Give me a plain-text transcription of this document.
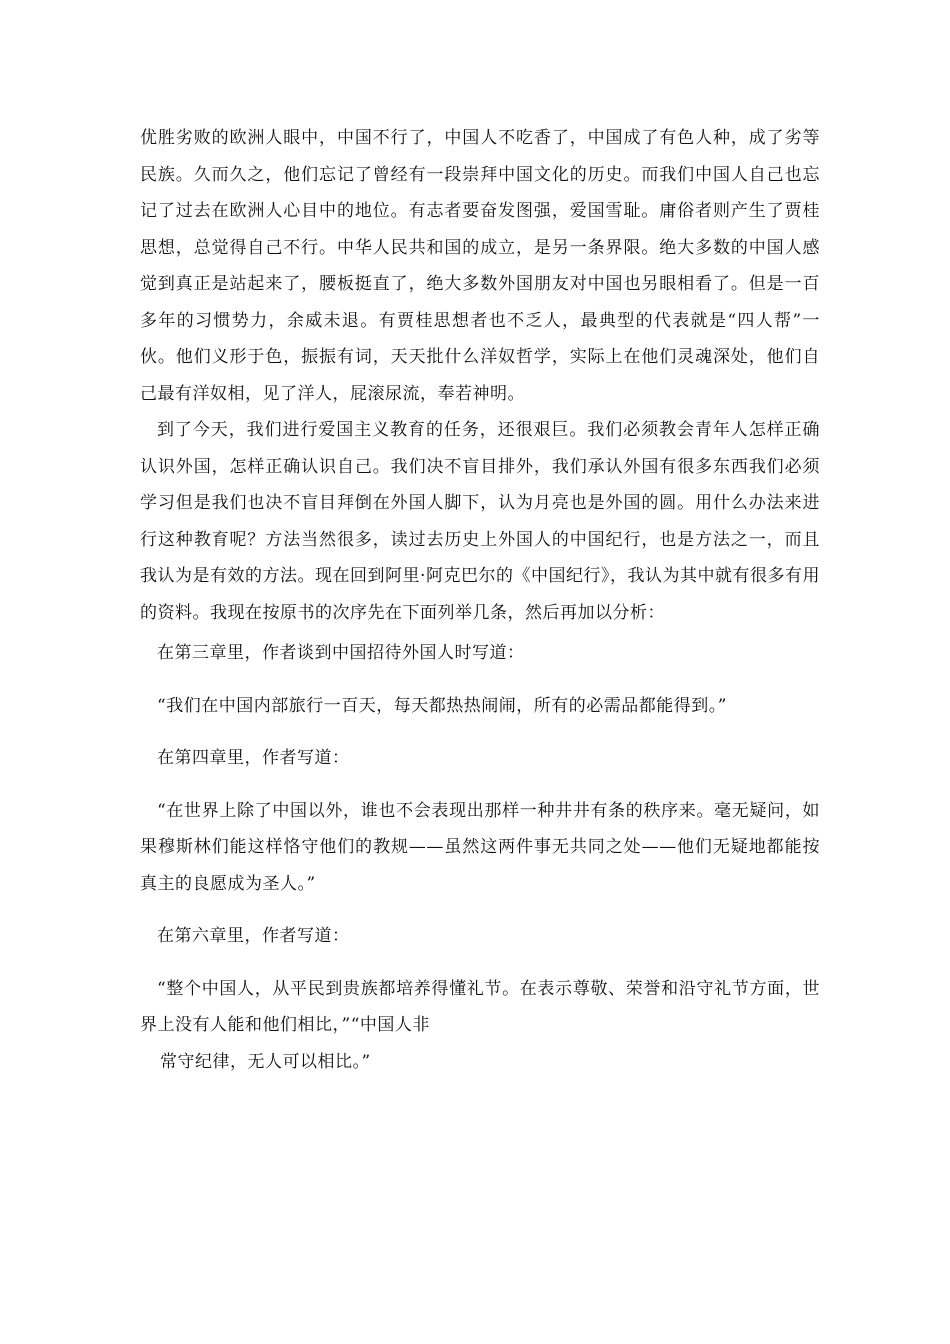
优胜劣败的欧洲人眼中，中国不行了，中国人不吃香了，中国成了有色人种，成了劣等民族。久而久之，他们忘记了曾经有一段崇拜中国文化的历史。而我们中国人自己也忘记了过去在欧洲人心目中的地位。有志者要奋发图强，爱国雪耻。庸俗者则产生了贾桂思想，总觉得自己不行。中华人民共和国的成立，是另一条界限。绝大多数的中国人感觉到真正是站起来了，腰板挺直了，绝大多数外国朋友对中国也另眼相看了。但是一百多年的习惯势力，余威未退。有贾桂思想者也不乏人，最典型的代表就是“四人帮”一伙。他们义形于色，振振有词，天天批什么洋奴哲学，实际上在他们灵魂深处，他们自己最有洋奴相，见了洋人，屁滚尿流，奉若神明。

到了今天，我们进行爱国主义教育的任务，还很艰巨。我们必须教会青年人怎样正确认识外国，怎样正确认识自己。我们决不盲目排外，我们承认外国有很多东西我们必须学习但是我们也决不盲目拜倒在外国人脚下，认为月亮也是外国的圆。用什么办法来进行这种教育呢？方法当然很多，读过去历史上外国人的中国纪行，也是方法之一，而且我认为是有效的方法。现在回到阿里·阿克巴尔的《中国纪行》，我认为其中就有很多有用的资料。我现在按原书的次序先在下面列举几条，然后再加以分析：

在第三章里，作者谈到中国招待外国人时写道：

“我们在中国内部旅行一百天，每天都热热闹闹，所有的必需品都能得到。”

在第四章里，作者写道：

“在世界上除了中国以外，谁也不会表现出那样一种井井有条的秩序来。毫无疑问，如果穆斯林们能这样恪守他们的教规——虽然这两件事无共同之处——他们无疑地都能按真主的良愿成为圣人。”

在第六章里，作者写道：

“整个中国人，从平民到贵族都培养得懂礼节。在表示尊敬、荣誉和沿守礼节方面，世界上没有人能和他们相比，”“中国人非

常守纪律，无人可以相比。”
